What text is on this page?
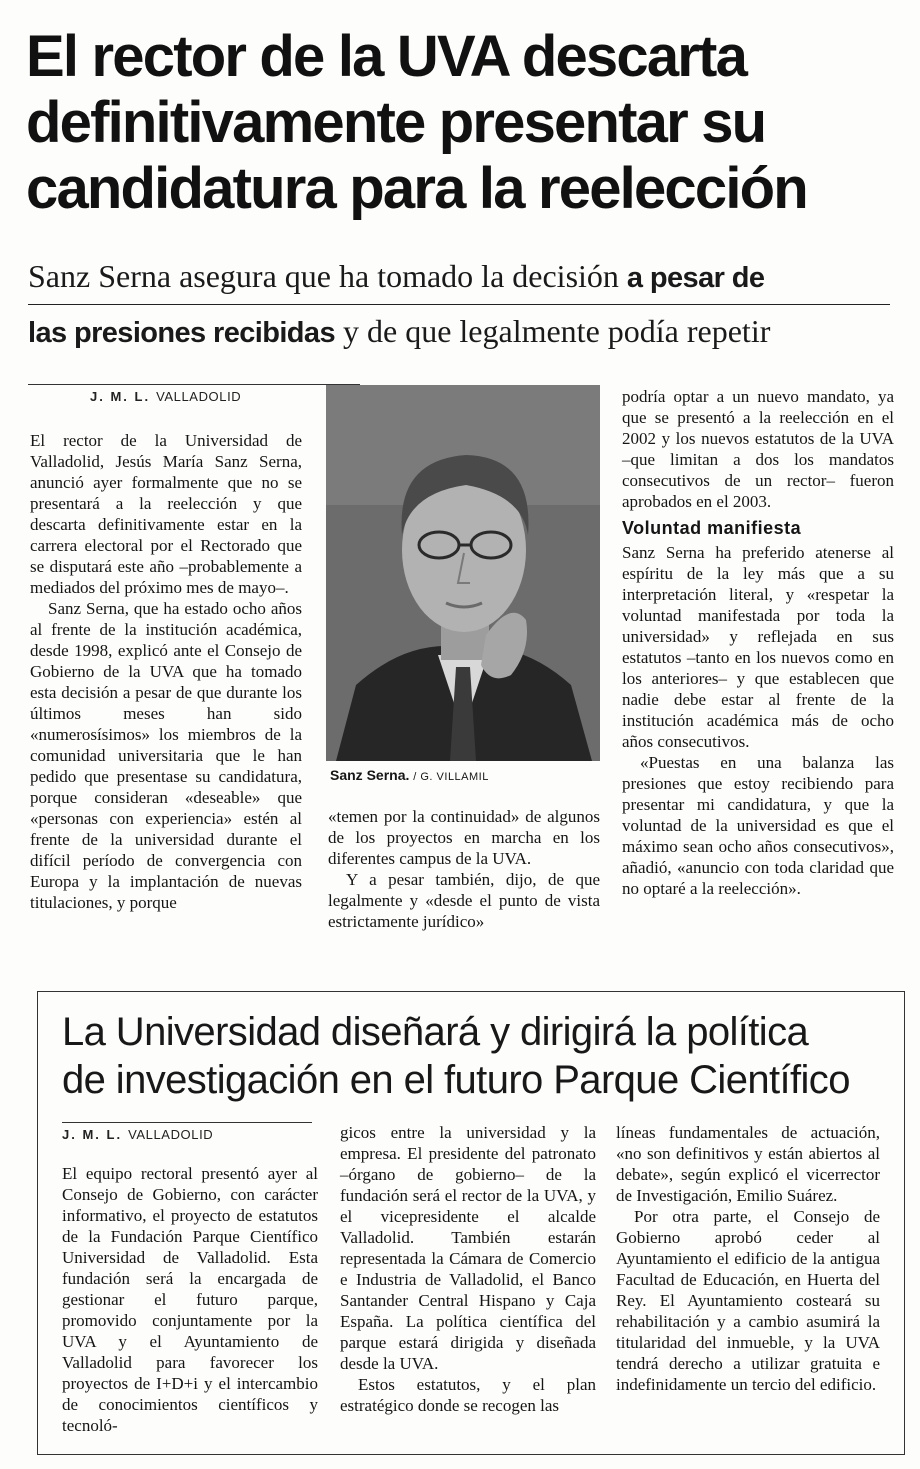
El rector de la UVA descarta
definitivamente presentar su
candidatura para la reelección
Sanz Serna asegura que ha tomado la decisión a pesar de
las presiones recibidas y de que legalmente podía repetir
J. M. L. VALLADOLID

El rector de la Universidad de Valladolid, Jesús María Sanz Serna, anunció ayer formalmente que no se presentará a la reelección y que descarta definitivamente estar en la carrera electoral por el Rectorado que se disputará este año –probablemente a mediados del próximo mes de mayo–.

Sanz Serna, que ha estado ocho años al frente de la institución académica, desde 1998, explicó ante el Consejo de Gobierno de la UVA que ha tomado esta decisión a pesar de que durante los últimos meses han sido «numerosísimos» los miembros de la comunidad universitaria que le han pedido que presentase su candidatura, porque consideran «deseable» que «personas con experiencia» estén al frente de la universidad durante el difícil período de convergencia con Europa y la implantación de nuevas titulaciones, y porque

Sanz Serna. / G. VILLAMIL

«temen por la continuidad» de algunos de los proyectos en marcha en los diferentes campus de la UVA.

Y a pesar también, dijo, de que legalmente y «desde el punto de vista estrictamente jurídico»

podría optar a un nuevo mandato, ya que se presentó a la reelección en el 2002 y los nuevos estatutos de la UVA –que limitan a dos los mandatos consecutivos de un rector– fueron aprobados en el 2003.

Voluntad manifiesta

Sanz Serna ha preferido atenerse al espíritu de la ley más que a su interpretación literal, y «respetar la voluntad manifestada por toda la universidad» y reflejada en sus estatutos –tanto en los nuevos como en los anteriores– y que establecen que nadie debe estar al frente de la institución académica más de ocho años consecutivos.

«Puestas en una balanza las presiones que estoy recibiendo para presentar mi candidatura, y que la voluntad de la universidad es que el máximo sean ocho años consecutivos», añadió, «anuncio con toda claridad que no optaré a la reelección».

La Universidad diseñará y dirigirá la política
de investigación en el futuro Parque Científico
J. M. L. VALLADOLID

El equipo rectoral presentó ayer al Consejo de Gobierno, con carácter informativo, el proyecto de estatutos de la Fundación Parque Científico Universidad de Valladolid. Esta fundación será la encargada de gestionar el futuro parque, promovido conjuntamente por la UVA y el Ayuntamiento de Valladolid para favorecer los proyectos de I+D+i y el intercambio de conocimientos científicos y tecnoló-

gicos entre la universidad y la empresa. El presidente del patronato –órgano de gobierno– de la fundación será el rector de la UVA, y el vicepresidente el alcalde Valladolid. También estarán representada la Cámara de Comercio e Industria de Valladolid, el Banco Santander Central Hispano y Caja España. La política científica del parque estará dirigida y diseñada desde la UVA.

Estos estatutos, y el plan estratégico donde se recogen las

líneas fundamentales de actuación, «no son definitivos y están abiertos al debate», según explicó el vicerrector de Investigación, Emilio Suárez.

Por otra parte, el Consejo de Gobierno aprobó ceder al Ayuntamiento el edificio de la antigua Facultad de Educación, en Huerta del Rey. El Ayuntamiento costeará su rehabilitación y a cambio asumirá la titularidad del inmueble, y la UVA tendrá derecho a utilizar gratuita e indefinidamente un tercio del edificio.
